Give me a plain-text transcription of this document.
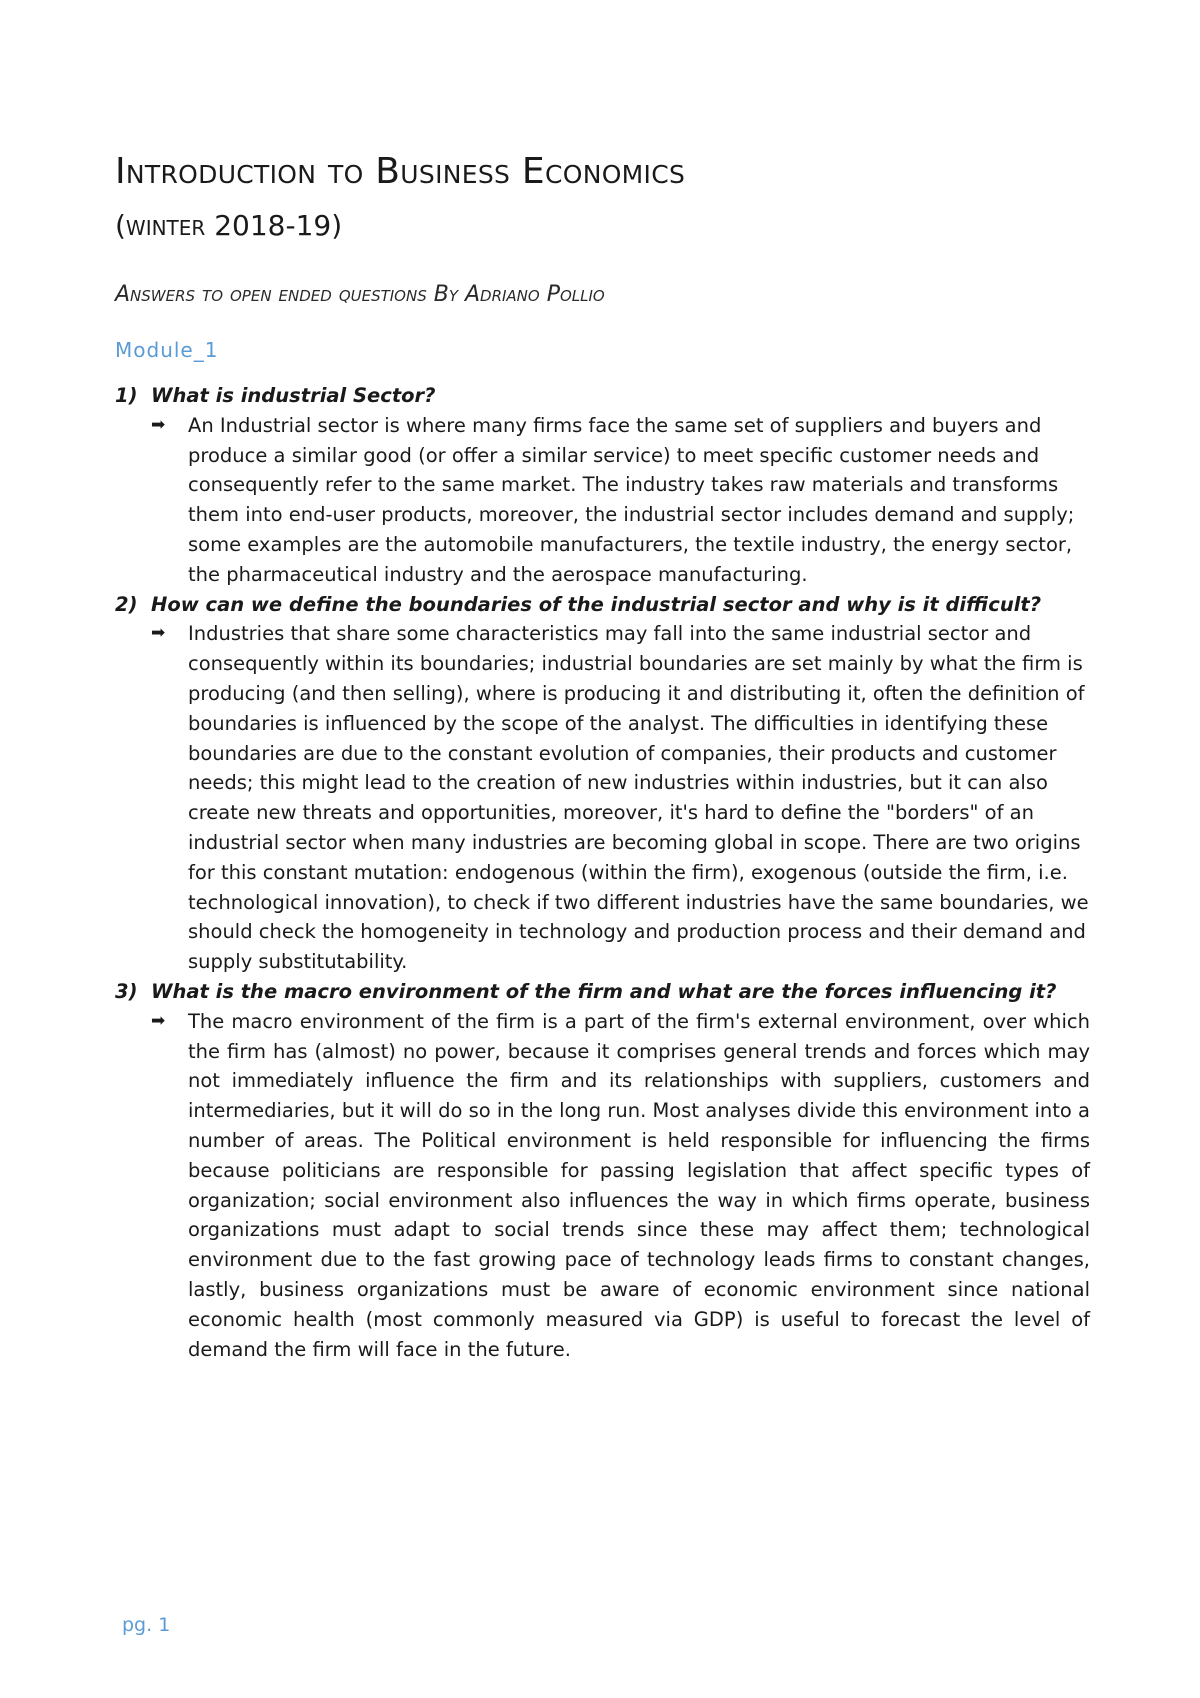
Introduction to Business Economics
(winter 2018-19)
Answers to open ended questions By Adriano Pollio
Module_1
1) What is industrial Sector?
➡ An Industrial sector is where many firms face the same set of suppliers and buyers and produce a similar good (or offer a similar service) to meet specific customer needs and consequently refer to the same market. The industry takes raw materials and transforms them into end-user products, moreover, the industrial sector includes demand and supply; some examples are the automobile manufacturers, the textile industry, the energy sector, the pharmaceutical industry and the aerospace manufacturing.
2) How can we define the boundaries of the industrial sector and why is it difficult?
➡ Industries that share some characteristics may fall into the same industrial sector and consequently within its boundaries; industrial boundaries are set mainly by what the firm is producing (and then selling), where is producing it and distributing it, often the definition of boundaries is influenced by the scope of the analyst. The difficulties in identifying these boundaries are due to the constant evolution of companies, their products and customer needs; this might lead to the creation of new industries within industries, but it can also create new threats and opportunities, moreover, it's hard to define the "borders" of an industrial sector when many industries are becoming global in scope. There are two origins for this constant mutation: endogenous (within the firm), exogenous (outside the firm, i.e. technological innovation), to check if two different industries have the same boundaries, we should check the homogeneity in technology and production process and their demand and supply substitutability.
3) What is the macro environment of the firm and what are the forces influencing it?
➡ The macro environment of the firm is a part of the firm's external environment, over which the firm has (almost) no power, because it comprises general trends and forces which may not immediately influence the firm and its relationships with suppliers, customers and intermediaries, but it will do so in the long run. Most analyses divide this environment into a number of areas. The Political environment is held responsible for influencing the firms because politicians are responsible for passing legislation that affect specific types of organization; social environment also influences the way in which firms operate, business organizations must adapt to social trends since these may affect them; technological environment due to the fast growing pace of technology leads firms to constant changes, lastly, business organizations must be aware of economic environment since national economic health (most commonly measured via GDP) is useful to forecast the level of demand the firm will face in the future.
pg. 1
